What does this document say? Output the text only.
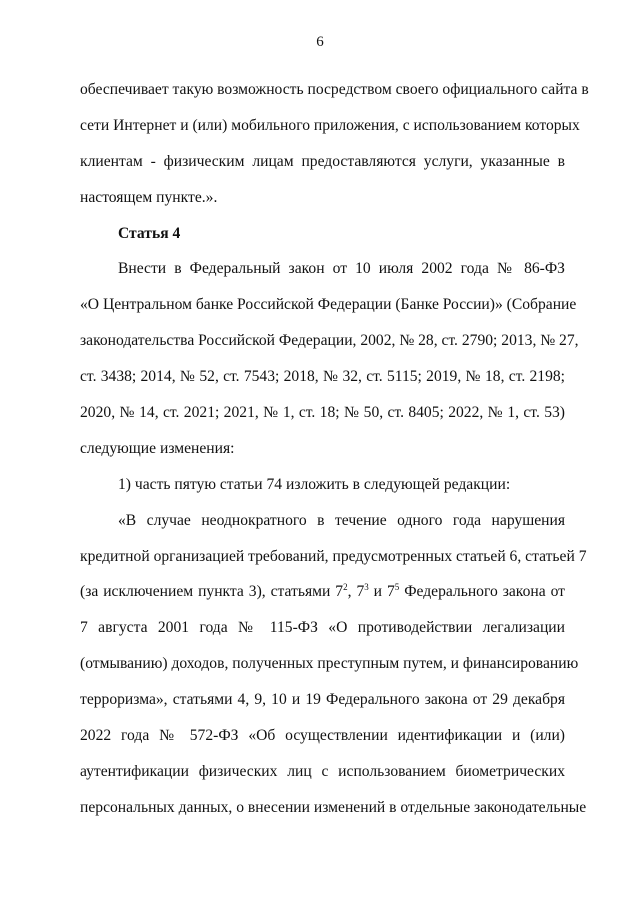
6
обеспечивает такую возможность посредством своего официального сайта в
сети Интернет и (или) мобильного приложения, с использованием которых
клиентам - физическим лицам предоставляются услуги, указанные в
настоящем пункте.».
Статья 4
Внести в Федеральный закон от 10 июля 2002 года № 86-ФЗ
«О Центральном банке Российской Федерации (Банке России)» (Собрание
законодательства Российской Федерации, 2002, № 28, ст. 2790; 2013, № 27,
ст. 3438; 2014, № 52, ст. 7543; 2018, № 32, ст. 5115; 2019, № 18, ст. 2198;
2020, № 14, ст. 2021; 2021, № 1, ст. 18; № 50, ст. 8405; 2022, № 1, ст. 53)
следующие изменения:
1) часть пятую статьи 74 изложить в следующей редакции:
«В случае неоднократного в течение одного года нарушения
кредитной организацией требований, предусмотренных статьей 6, статьей 7
(за исключением пункта 3), статьями $7^2$, $7^3$ и $7^5$ Федерального закона от
7 августа 2001 года № 115-ФЗ «О противодействии легализации
(отмыванию) доходов, полученных преступным путем, и финансированию
терроризма», статьями 4, 9, 10 и 19 Федерального закона от 29 декабря
2022 года № 572-ФЗ «Об осуществлении идентификации и (или)
аутентификации физических лиц с использованием биометрических
персональных данных, о внесении изменений в отдельные законодательные
